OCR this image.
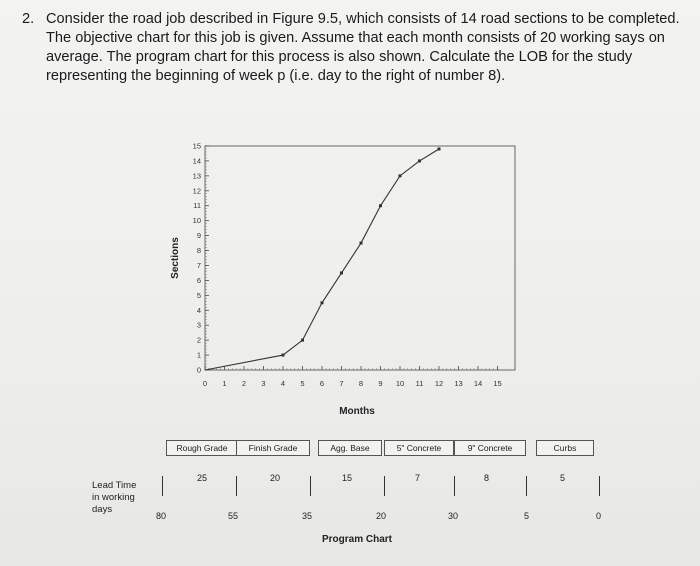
2. Consider the road job described in Figure 9.5, which consists of 14 road sections to be completed. The objective chart for this job is given. Assume that each month consists of 20 working says on average. The program chart for this process is also shown. Calculate the LOB for the study representing the beginning of week p (i.e. day to the right of number 8).
0
1
2
3
4
5
6
7
8
9
10
11
12
13
14
15
0 1 2 3 4 5 6 7 8 9 10 11 12 13 14 15
Months
Sections
Rough Grade	Finish Grade	Agg. Base	5" Concrete	9" Concrete	Curbs
25	20	15	7	8	5
80	55	35	20	30	5	0
Lead Time
in working
days
Program Chart
